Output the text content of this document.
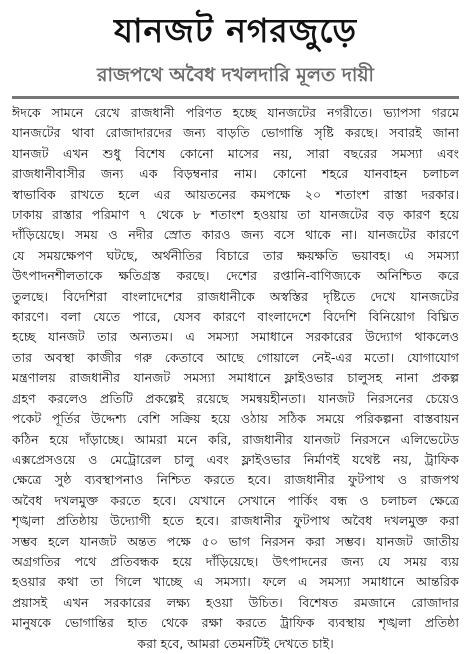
যানজট নগরজুড়ে
রাজপথে অবৈধ দখলদারি মূলত দায়ী
ঈদকে সামনে রেখে রাজধানী পরিণত হচ্ছে যানজটের নগরীতে। ভ্যাপসা গরমে
যানজটের থাবা রোজাদারদের জন্য বাড়তি ভোগান্তি সৃষ্টি করছে। সবারই জানা
যানজট এখন শুধু বিশেষ কোনো মাসের নয়, সারা বছরের সমস্যা এবং
রাজধানীবাসীর জন্য এক বিড়ম্বনার নাম। কোনো শহরে যানবাহন চলাচল
স্বাভাবিক রাখতে হলে এর আয়তনের কমপক্ষে ২০ শতাংশ রাস্তা দরকার।
ঢাকায় রাস্তার পরিমাণ ৭ থেকে ৮ শতাংশ হওয়ায় তা যানজটের বড় কারণ হয়ে
দাঁড়িয়েছে। সময় ও নদীর স্রোত কারও জন্য বসে থাকে না। যানজটের কারণে
যে সময়ক্ষেপণ ঘটছে, অর্থনীতির বিচারে তার ক্ষয়ক্ষতি ভয়াবহ। এ সমস্যা
উৎপাদনশীলতাকে ক্ষতিগ্রস্ত করছে। দেশের রপ্তানি-বাণিজ্যকে অনিশ্চিত করে
তুলছে। বিদেশিরা বাংলাদেশের রাজধানীকে অস্বস্তির দৃষ্টিতে দেখে যানজটের
কারণে। বলা যেতে পারে, যেসব কারণে বাংলাদেশে বিদেশি বিনিয়োগ বিঘ্নিত
হচ্ছে যানজট তার অন্যতম। এ সমস্যা সমাধানে সরকারের উদ্যোগ থাকলেও
তার অবস্থা কাজীর গরু কেতাবে আছে গোয়ালে নেই-এর মতো। যোগাযোগ
মন্ত্রণালয় রাজধানীর যানজট সমস্যা সমাধানে ফ্লাইওভার চালুসহ নানা প্রকল্প
গ্রহণ করলেও প্রতিটি প্রকল্পেই রয়েছে সমন্বয়হীনতা। যানজট নিরসনের চেয়েও
পকেট পূর্তির উদ্দেশ্য বেশি সক্রিয় হয়ে ওঠায় সঠিক সময়ে পরিকল্পনা বাস্তবায়ন
কঠিন হয়ে দাঁড়াচ্ছে। আমরা মনে করি, রাজধানীর যানজট নিরসনে এলিভেটেড
এক্সপ্রেসওয়ে ও মেট্রোরেল চালু এবং ফ্লাইওভার নির্মাণই যথেষ্ট নয়, ট্রাফিক
ক্ষেত্রে সুষ্ঠ ব্যবস্থাপনাও নিশ্চিত করতে হবে। রাজধানীর ফুটপাথ ও রাজপথ
অবৈধ দখলমুক্ত করতে হবে। যেখানে সেখানে পার্কিং বন্ধ ও চলাচল ক্ষেত্রে
শৃঙ্খলা প্রতিষ্ঠায় উদ্যোগী হতে হবে। রাজধানীর ফুটপাথ অবৈধ দখলমুক্ত করা
সম্ভব হলে যানজট অন্তত পক্ষে ৫০ ভাগ নিরসন করা সম্ভব। যানজট জাতীয়
অগ্রগতির পথে প্রতিবন্ধক হয়ে দাঁড়িয়েছে। উৎপাদনের জন্য যে সময় ব্যয়
হওয়ার কথা তা গিলে খাচ্ছে এ সমস্যা। ফলে এ সমস্যা সমাধানে আন্তরিক
প্রয়াসই এখন সরকারের লক্ষ্য হওয়া উচিত। বিশেষত রমজানে রোজাদার
মানুষকে ভোগান্তির হাত থেকে রক্ষা করতে ট্রাফিক ব্যবস্থায় শৃঙ্খলা প্রতিষ্ঠা
করা হবে, আমরা তেমনটিই দেখতে চাই।
